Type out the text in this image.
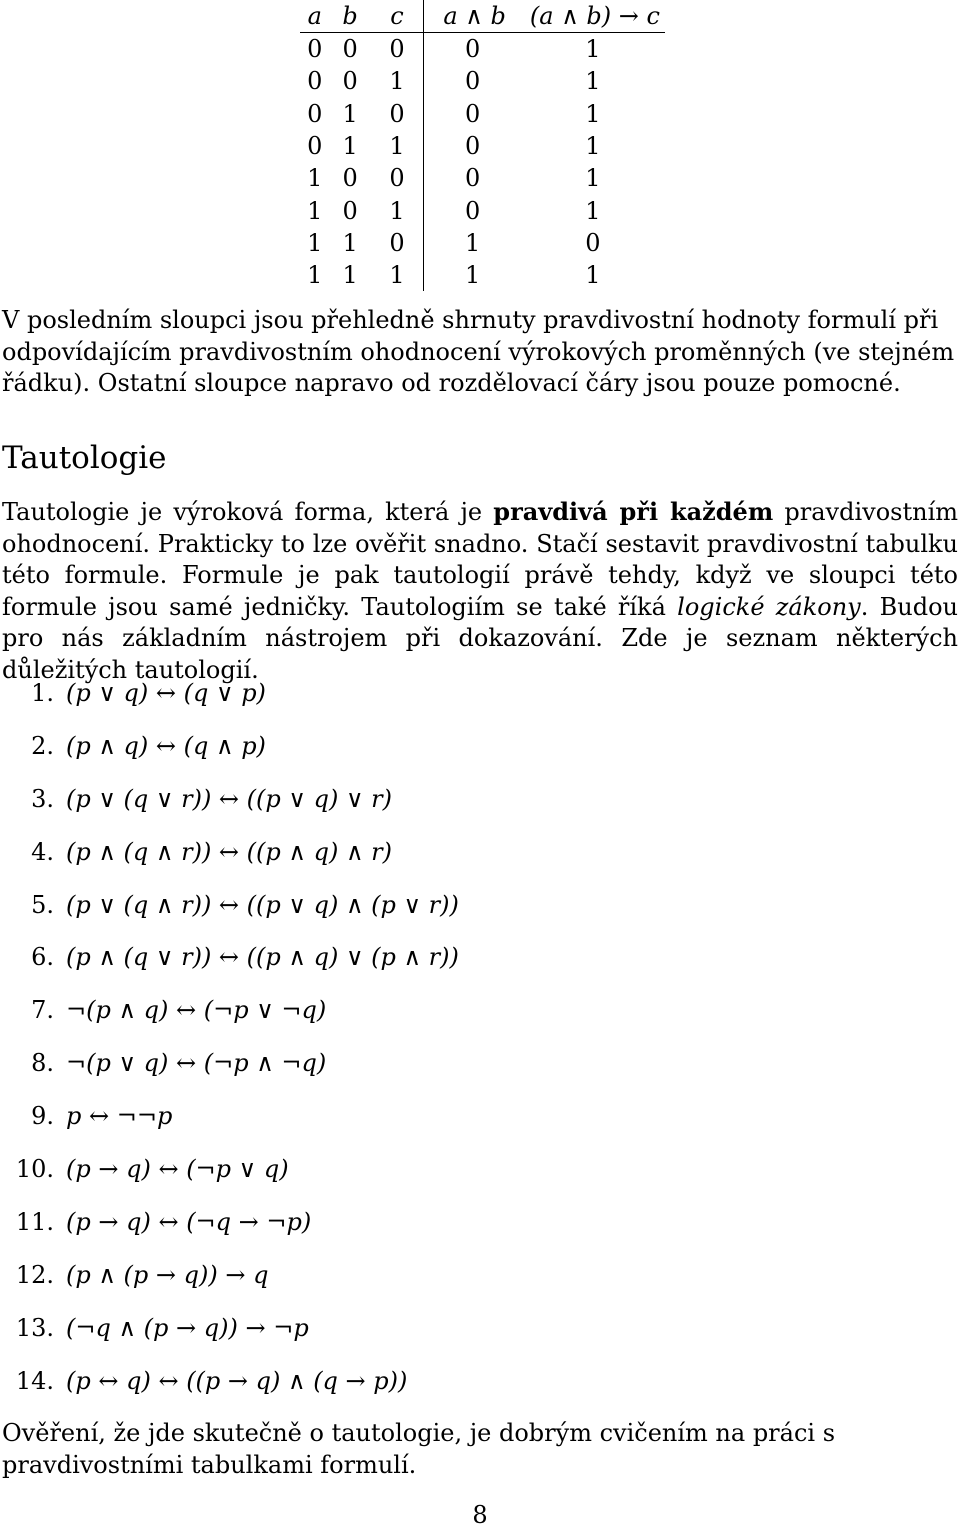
a	b	c	a ∧ b	(a ∧ b) → c
0	0	0	0	1
0	0	1	0	1
0	1	0	0	1
0	1	1	0	1
1	0	0	0	1
1	0	1	0	1
1	1	0	1	0
1	1	1	1	1

V posledním sloupci jsou přehledně shrnuty pravdivostní hodnoty formulí při odpovídajícím pravdivostním ohodnocení výrokových proměnných (ve stejném řádku). Ostatní sloupce napravo od rozdělovací čáry jsou pouze pomocné.

Tautologie

Tautologie je výroková forma, která je pravdivá při každém pravdivostním ohodnocení. Prakticky to lze ověřit snadno. Stačí sestavit pravdivostní tabulku této formule. Formule je pak tautologií právě tehdy, když ve sloupci této formule jsou samé jedničky. Tautologiím se také říká logické zákony. Budou pro nás základním nástrojem při dokazování. Zde je seznam některých důležitých tautologií.

1. (p ∨ q) ↔ (q ∨ p)
2. (p ∧ q) ↔ (q ∧ p)
3. (p ∨ (q ∨ r)) ↔ ((p ∨ q) ∨ r)
4. (p ∧ (q ∧ r)) ↔ ((p ∧ q) ∧ r)
5. (p ∨ (q ∧ r)) ↔ ((p ∨ q) ∧ (p ∨ r))
6. (p ∧ (q ∨ r)) ↔ ((p ∧ q) ∨ (p ∧ r))
7. ¬(p ∧ q) ↔ (¬p ∨ ¬q)
8. ¬(p ∨ q) ↔ (¬p ∧ ¬q)
9. p ↔ ¬¬p
10. (p → q) ↔ (¬p ∨ q)
11. (p → q) ↔ (¬q → ¬p)
12. (p ∧ (p → q)) → q
13. (¬q ∧ (p → q)) → ¬p
14. (p ↔ q) ↔ ((p → q) ∧ (q → p))

Ověření, že jde skutečně o tautologie, je dobrým cvičením na práci s pravdivostními tabulkami formulí.

8
